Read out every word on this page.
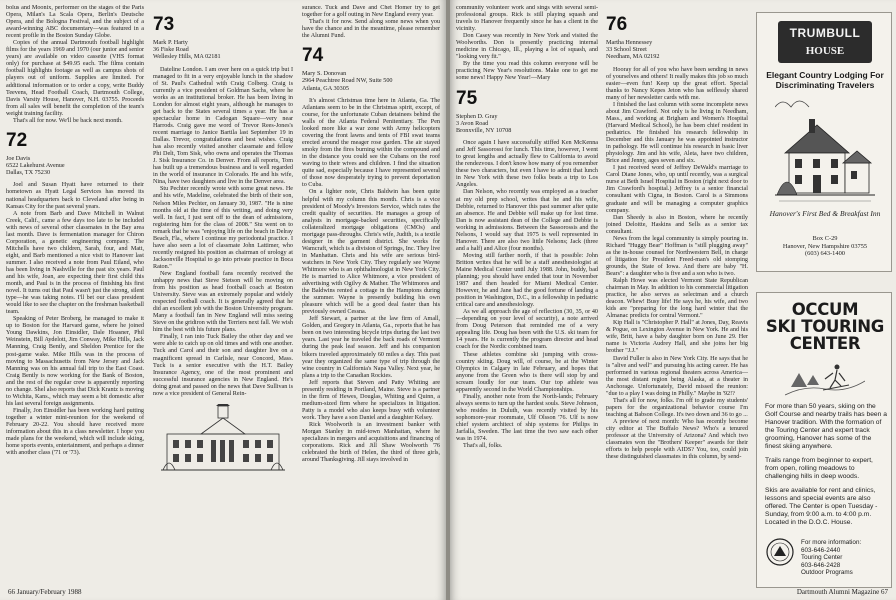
bolus and Moonix, performer on the stages of the Paris Opera, Milan's La Scala Opera, Berlin's Deutsche Opera, and the Bologna Festival, and the subject of a award-winning ABC documentary—was featured in a recent profile in the Boston Sunday Globe.

Copies of the annual Dartmouth football highlight films for the years 1969 and 1970 (our junior and senior years) are available on video cassette (VHS format only) for purchase at $49.95 each. The films contain football highlights footage as well as campus shots of players out of uniform. Supplies are limited. For additional information or to order a copy, write Buddy Teevens, Head Football Coach, Dartmouth College, Davis Varsity House, Hanover, N.H. 03755. Proceeds from all sales will benefit the completion of the team's weight training facility.

That's all for now. We'll be back next month.

72
Joe Davis
6522 Lakehurst Avenue
Dallas, TX 75230

Joel and Susan Hyatt have returned to their hometown as Hyatt Legal Services has moved its national headquarters back to Cleveland after being in Kansas City for the past several years.

A note from Barb and Dave Mitchell in Walnut Creek, Calif., came a few days too late to be included with news of several other classmates in the Bay area last month. Dave is fermentation manager for Chiron Corporation, a genetic engineering company. The Mitchells have two children, Sarah, four, and Matt, eight, and Barb mentioned a nice visit to Hanover last summer. I also received a note from Paul Eiland, who has been living in Nashville for the past six years. Paul and his wife, Joan, are expecting their first child this month, and Paul is in the process of finishing his first novel. It turns out that Paul wasn't just the strong, silent type—he was taking notes. I'll bet our class president would like to see the chapter on the freshman basketball team.

Speaking of Peter Broberg, he managed to make it up to Boston for the Harvard game, where he joined Young Dawkins, Jon Einsidler, Dale Hoasner, Phil Weinstein, Bill Aydelott, Jim Conway, Mike Hills, Jack Manning, Craig Bently, and Sheldon Prentice for the post-game wake. Mike Hills was in the process of moving to Massachusetts from New Jersey and Jack Manning was on his annual fall trip to the East Coast. Craig Bently is now working for the Bank of Boston, and the rest of the regular crew is apparently reporting no change. Shel also reports that Dick Krantz is moving to Wichita, Kans., which may seem a bit domestic after his last several foreign assignments.

Finally, Jon Einsidler has been working hard putting together a winter mini-reunion for the weekend of February 20-22. You should have received more information about this in a class newsletter. I hope you made plans for the weekend, which will include skiing, home sports events, entertainment, and perhaps a dinner with another class ('71 or '73).

73
Mark P. Harty
36 Fiske Road
Wellesley Hills, MA 02181

Dateline London. I am over here on a quick trip but I managed to fit in a very enjoyable lunch in the shadow of St. Paul's Cathedral with Craig Colberg. Craig is currently a vice president of Goldman Sachs, where he works as an institutional broker. He has been living in London for almost eight years, although he manages to get back to the States several times a year. He has a spectacular home in Cadogan Square—very near Harrods. Craig gave me word of Trevor Rees-Jones's recent marriage to Janice Bartila last September 19 in Dallas. Trevor, congratulations and best wishes. Craig has also recently visited another classmate and fellow Phi Delt, Tom Sisk, who owns and operates the Thomas J. Sisk Insurance Co. in Denver. From all reports, Tom has built up a tremendous business and is well regarded in the world of insurance in Colorado. He and his wife, Nina, have two daughters and live in the Denver area.

Stu Pechter recently wrote with some great news. He and his wife, Madeline, celebrated the birth of their son, Nelson Miles Pechter, on January 30, 1987. "He is nine months old at the time of this writing, and doing very well. In fact, I just sent off to the dean of admissions, registering him for the class of 2008." Stu went on to remark that he was "enjoying life on the beach in Delray Beach, Fla., where I continue my periodontal practice. I have also seen a lot of classmate John Lattimer, who recently resigned his position as chairman of urology at Jacksonville Hospital to go into private practice in Boca Raton."

New England football fans recently received the unhappy news that Steve Stetson will be moving on from his position as head football coach at Boston University. Steve was an extremely popular and widely respected football coach. It is generally agreed that he did an excellent job with the Boston University program. Many a football fan in New England will miss seeing Steve on the gridiron with the Terriers next fall. We wish him the best with his future plans.

Finally, I ran into Tuck Bailey the other day and we were able to catch up on old times and with one another. Tuck and Carol and their son and daughter live on a magnificent spread in Carlisle, near Concord, Mass. Tuck is a senior executive with the H.T. Bailey Insurance Agency, one of the most prominent and successful insurance agencies in New England. He's doing great and passed on the news that Dave Sullivan is now a vice president of General Rein-

surance. Tuck and Dave and Chet Homer try to get together for a golf outing in New England every year.

That's it for now. Send along some news when you have the chance and in the meantime, please remember the Alumni Fund.

74
Mary S. Donovan
2964 Peachtree Road NW, Suite 500
Atlanta, GA 30305

It's almost Christmas time here in Atlanta, Ga. The Atlantans seem to be in the Christmas spirit, except, of course, for the unfortunate Cuban detainees behind the walls of the Atlanta Federal Penitentiary. The Pen looked more like a war zone with Army helicopters covering the front lawns and tents of FBI swat teams erected around the meager rose garden. The air stayed smoky from the fires burning within the compound and in the distance you could see the Cubans on the roof waving to their wives and children. I find the situation quite sad, especially because I have represented several of those now desperately trying to prevent deportation to Cuba.

On a lighter note, Chris Baldwin has been quite helpful with my column this month. Chris is a vice president of Moody's Investors Service, which rates the credit quality of securities. He manages a group of analysts in mortgage-backed securities, specifically collateralized mortgage obligations (CMOs) and mortgage pass-throughs. Chris's wife, Judith, is a textile designer in the garment district. She works for Wamcraft, which is a division of Springs, Inc. They live in Manhattan. Chris and his wife are serious bird-watchers in New York City. They regularly see Wayne Whitmore who is an ophthalmologist in New York City. He is married to Alice Whitmore, a vice president of advertising with Ogilvy & Mather. The Whitmores and the Baldwins rented a cottage in the Hamptons during the summer. Wayne is presently building his own pleasure which will be a good deal faster than his previously owned Cessna.

Jeff Stewart, a partner at the law firm of Amall, Golden, and Gregory in Atlanta, Ga., reports that he has been on two interesting bicycle trips during the last two years. Last year he traveled the back roads of Vermont during the peak leaf season. Jeff and his companion bikers traveled approximately 60 miles a day. This past year they organized the same type of trip through the wine country in California's Napa Valley. Next year, he plans a trip to the Canadian Rockies.

Jeff reports that Steven and Patty Whiting are presently residing in Portland, Maine. Steve is a partner in the firm of Hewes, Douglas, Whiting and Quinn, a medium-sized firm where he specializes in litigation. Patty is a model who also keeps busy with volunteer work. They have a son Daniel and a daughter Kelsey.

Rick Woolworth is an investment banker with Morgan Stanley in mid-town Manhattan, where he specializes in mergers and acquisitions and financing of corporations. Rick and Jill Shaw Woolworth '76 celebrated the birth of Helen, the third of three girls, around Thanksgiving. Jill stays involved in

66 January/February 1988

community volunteer work and sings with several semi-professional groups. Rick is still playing squash and travels to Hanover frequently since he has a client in the vicinity.

Don Casey was recently in New York and visited the Woolworths. Don is presently practicing internal medicine in Chicago, Ill., playing a lot of squash, and "looking very fit."

By the time you read this column everyone will be practicing New Year's resolutions. Make one to get me some news! Happy New Year!—Mary

75
Stephen D. Gray
3 Avon Road
Bronxville, NY 10708

Once again I have successfully stiffed Ken McKenna and Jeff Sassorossi for lunch. This time, however, I went to great lengths and actually flew to California to avoid the rendezvous. I don't know how many of you remember these two characters, but even I have to admit that lunch in New York with these two folks beats a trip to Los Angeles.

Dan Nelson, who recently was employed as a teacher at my old prep school, writes that he and his wife, Debbie, returned to Hanover this past summer after quite an absence. He and Debbie will make up for lost time. Dan is now assistant dean of the College and Debbie is working in admissions. Between the Sassorossis and the Nelsons, I would say that 1975 is well represented in Hanover. There are also two little Nelsons; Jack (three and a half) and Alice (four months).

Moving still farther north, if that is possible: John Britton writes that he will be a staff anesthesiologist at Maine Medical Center until July 1988. John, buddy, bad planning; you should have ended that tour in November 1987 and then headed for Miami Medical Center. However, he and Jane had the good fortune of landing a position in Washington, D.C., in a fellowship in pediatric critical care and anesthesiology.

As we all approach the age of reflection (30, 35, or 40—depending on your level of security), a note arrived from Doug Peterson that reminded me of a very appealing life. Doug has been with the U.S. ski team for 14 years. He is currently the program director and head coach for the Nordic combined team.

These athletes combine ski jumping with cross-country skiing. Doug will, of course, be at the Winter Olympics in Calgary in late February, and hopes that anyone from the Green who is there will stop by and scream loudly for our team. Our top athlete was apparently second in the World Championships.

Finally, another note from the North-lands; February always seems to turn up the hardest souls. Steve Johnson, who resides in Duluth, was recently visited by his sophomore-year roommate, Ulf Olsson '76. Ulf is now chief system architect of ship systems for Philips in Jarfalla, Sweden. The last time the two saw each other was in 1974.

That's all, folks.

76
Martha Hennessey
33 School Street
Needham, MA 02192

Hooray for all of you who have been sending in news of yourselves and others! It really makes this job so much easier—even fun! Keep up the great effort. Special thanks to Nancy Kepes Jeton who has selflessly shared many of her newsletter cards with me.

I finished the last column with some incomplete news about Jim Crawford. Not only is he living in Needham, Mass., and working at Brigham and Women's Hospital (Harvard Medical School), he has been chief resident in pediatrics. He finished his research fellowship in December and this January he was appointed instructor in pathology. He will continue his research in basic liver physiology. Jim and his wife, Aleta, have two children, Brice and Jenny, ages seven and six.

I just received word of Jeffrey DeWald's marriage to Carol Diane Jones, who, up until recently, was a surgical nurse at Beth Israel Hospital in Boston (right next door to Jim Crawford's hospital.) Jeffrey is a senior financial consultant with Cigna, in Boston. Carol is a Simmons graduate and will be managing a computer graphics company.

Dan Sheedy is also in Boston, where he recently joined Deloitte, Haskins and Sells as a senior tax consultant.

News from the legal community is simply pouring in. Richard "Huggy Bear" Hoffman is "still plugging away" as the in-house counsel for Northwestern Bell, in charge of litigation for President Freed-man's old stomping grounds, the State of Iowa. And there are baby "H. Bears": a daughter who is five and a son who is two.

Ralph Howe was elected Vermont State Republican chairman in May. In addition to his commercial litigation practice, he also serves as selectman and a church deacon. Whew! Busy life! He says he, his wife, and two kids are "preparing for the long hard winter that the Almanac predicts for central Vermont."

Kip Hall is "Christopher P. Hall" at Jones, Day, Reavis & Pogue, on Lexington Avenue in New York. He and his wife, Britt, have a baby daughter born on June 29. Her name is Victoria Audrey Hall, and she joins her big brother "J.J."

David Fuller is also in New York City. He says that he is "alive and well" and pursuing his acting career. He has performed in various regional theaters across America—the most distant region being Alaska, at a theater in Anchorage. Unfortunately, David missed the reunion: "due to a play I was doing in Philly." Maybe in '92!?

That's all for now, folks. I'm off to grade my students' papers for the organizational behavior course I'm teaching at Babson College. It's two down and 36 to go ...

A preview of next month: Who has recently become city editor at The Buffalo News? Who's a tenured professor at the University of Arizona? And which two classmates won the "Brothers' Keeper" awards for their efforts to help people with AIDS? You, too, could join these distinguished classmates in this column, by send-

Dartmouth Alumni Magazine 67
TRUMBULL
HOUSE
Elegant Country Lodging For Discriminating Travelers
Hanover's First Bed & Breakfast Inn
Box C-29
Hanover, New Hampshire 03755
(603) 643-1400
OCCUM
SKI TOURING
CENTER

For more than 50 years, skiing on the Golf Course and nearby trails has been a Hanover tradition. With the formation of the Touring Center and expert track grooming, Hanover has some of the finest skiing anywhere.

Trails range from beginner to expert, from open, rolling meadows to challenging hills in deep woods.

Skis are available for rent and clinics, lessons and special events are also offered. The Center is open Tuesday - Sunday, from 9:00 a.m. to 4:00 p.m. Located in the D.O.C. House.

For more information:
603-646-2440
Touring Center
603-646-2428
Outdoor Programs
